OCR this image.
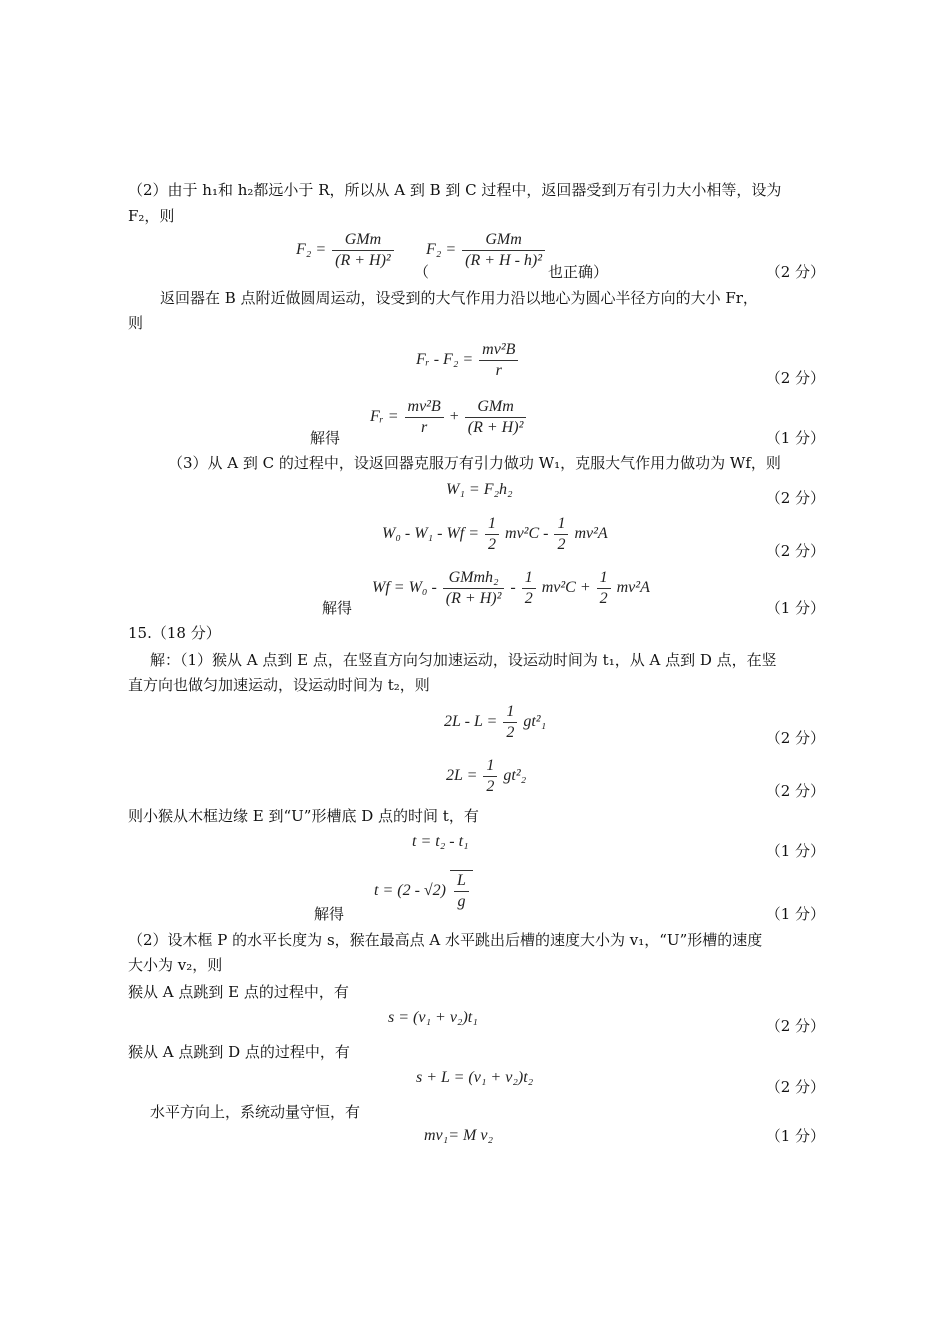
（2）由于 h₁和 h₂都远小于 R，所以从 A 到 B 到 C 过程中，返回器受到万有引力大小相等，设为
F₂，则
$F_2 = \frac{\text{GMm}}{\text{(R + H)²}} F_2 = \frac{\text{GMm}}{\text{(R + H - h)²}}$
（	也正确）	（2 分）
返回器在 B 点附近做圆周运动，设受到的大气作用力沿以地心为圆心半径方向的大小 Fr，
则
Fᵣ - $F_2 = \frac{\text{mv²B}}{r}$	（2 分）
解得
Fᵣ = $\frac{\text{mv²B}}{r} + \frac{\text{GMm}}{\text{(R + H)²}}$	（1 分）
（3）从 A 到 C 的过程中，设返回器克服万有引力做功 W₁，克服大气作用力做功为 Wf，则
W₁ = F₂h₂	（2 分）
$W_0 - W_1 - Wf = \frac{1}{2} mv^2C - \frac{1}{2} mv^2A$
（2 分）
解得
$Wf = W_0 - \frac{\text{GMmh₂}}{\text{(R + H)²}} - \frac{1}{2} mv^2C + \frac{1}{2} mv^2A$
（1 分）
15.（18 分）
解：（1）猴从 A 点到 E 点，在竖直方向匀加速运动，设运动时间为 t₁，从 A 点到 D 点，在竖
直方向也做匀加速运动，设运动时间为 t₂，则
$2L - L = \frac{1}{2} gt^2_1$
（2 分）
$2L = \frac{1}{2} gt^2_2$
（2 分）
则小猴从木框边缘 E 到“U”形槽底 D 点的时间 t，有
t = t₂ - t₁
（1 分）
解得
$t = (2 - √2) \frac{L}{g}$
（1 分）
（2）设木框 P 的水平长度为 s，猴在最高点 A 水平跳出后槽的速度大小为 v₁，“U”形槽的速度
大小为 v₂，则
猴从 A 点跳到 E 点的过程中，有
s = (v₁ + v₂)t₁	（2 分）
猴从 A 点跳到 D 点的过程中，有
s + L = (v₁ + v₂)t₂
（2 分）
水平方向上，系统动量守恒，有
mv₁= M v₂	（1 分）
